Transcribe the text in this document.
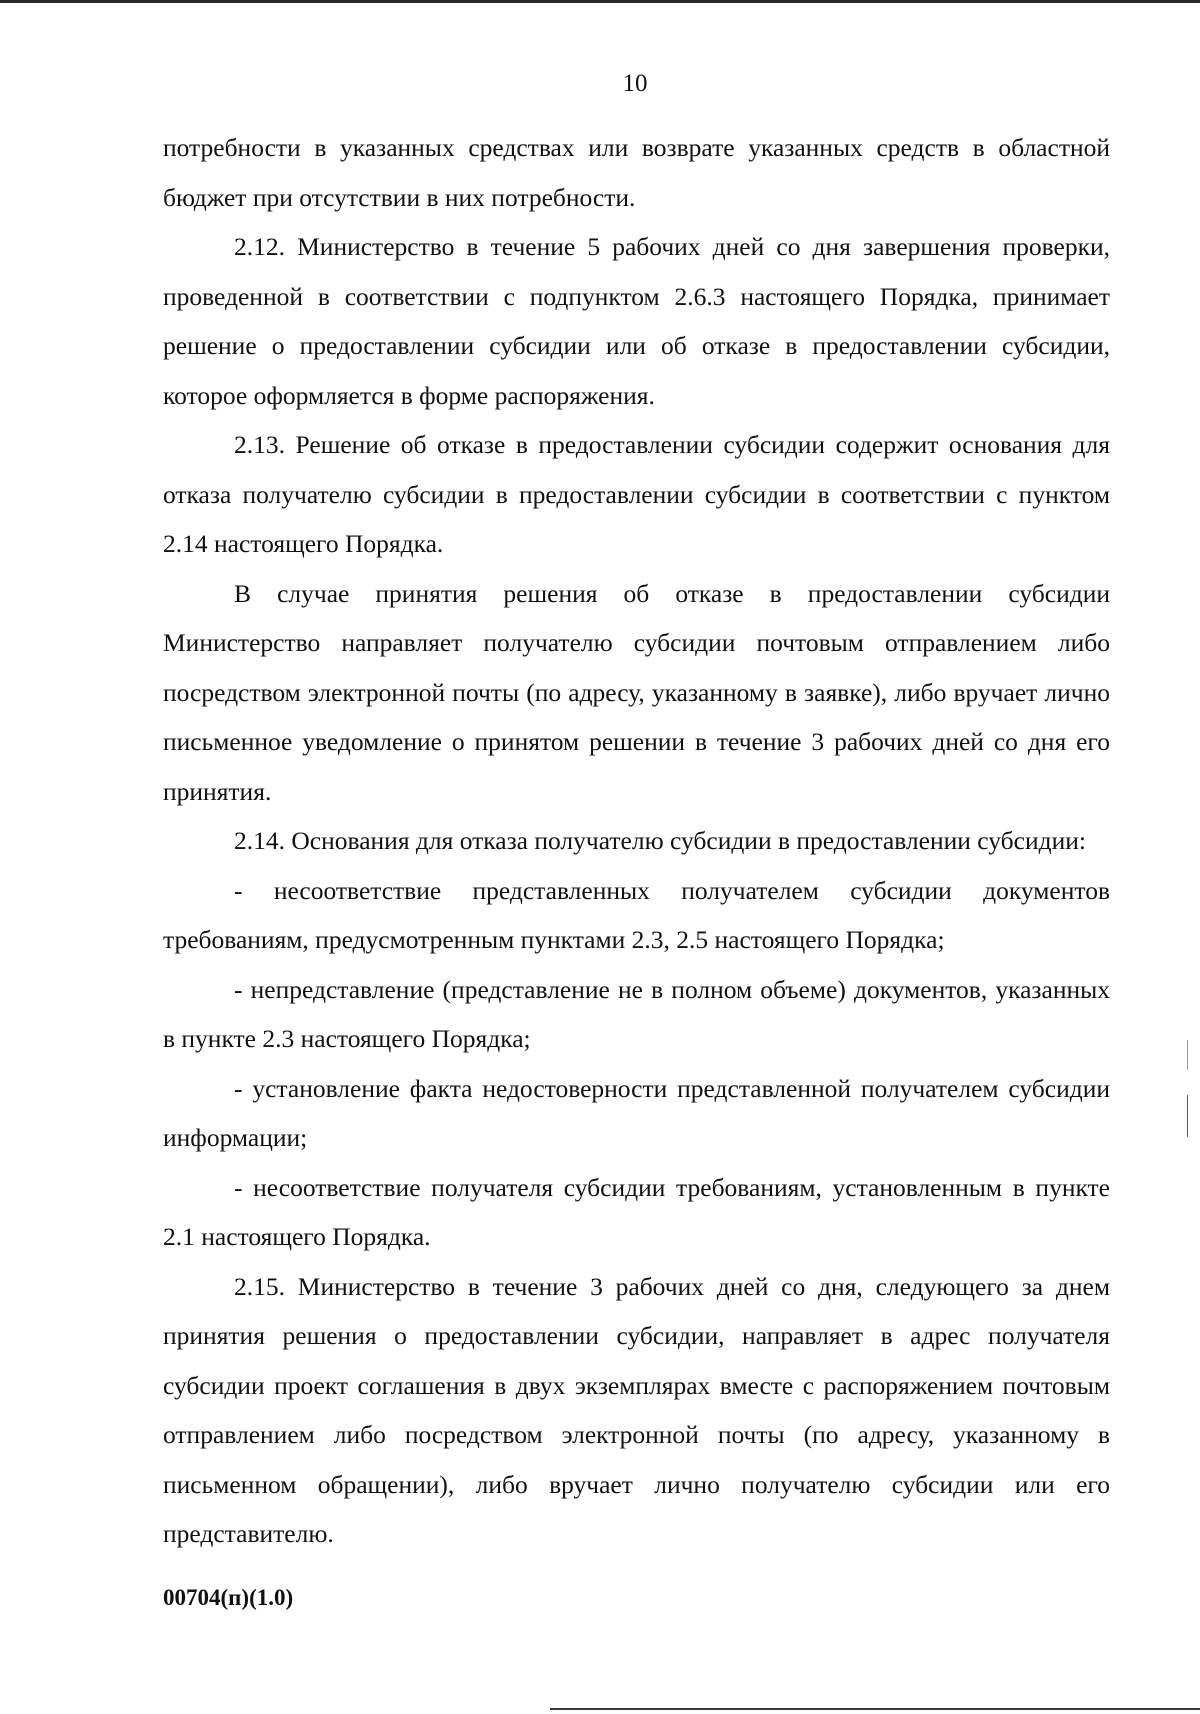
10

потребности в указанных средствах или возврате указанных средств в областной бюджет при отсутствии в них потребности.

2.12. Министерство в течение 5 рабочих дней со дня завершения проверки, проведенной в соответствии с подпунктом 2.6.3 настоящего Порядка, принимает решение о предоставлении субсидии или об отказе в предоставлении субсидии, которое оформляется в форме распоряжения.

2.13. Решение об отказе в предоставлении субсидии содержит основания для отказа получателю субсидии в предоставлении субсидии в соответствии с пунктом 2.14 настоящего Порядка.

В случае принятия решения об отказе в предоставлении субсидии Министерство направляет получателю субсидии почтовым отправлением либо посредством электронной почты (по адресу, указанному в заявке), либо вручает лично письменное уведомление о принятом решении в течение 3 рабочих дней со дня его принятия.

2.14. Основания для отказа получателю субсидии в предоставлении субсидии:

- несоответствие представленных получателем субсидии документов требованиям, предусмотренным пунктами 2.3, 2.5 настоящего Порядка;

- непредставление (представление не в полном объеме) документов, указанных в пункте 2.3 настоящего Порядка;

- установление факта недостоверности представленной получателем субсидии информации;

- несоответствие получателя субсидии требованиям, установленным в пункте 2.1 настоящего Порядка.

2.15. Министерство в течение 3 рабочих дней со дня, следующего за днем принятия решения о предоставлении субсидии, направляет в адрес получателя субсидии проект соглашения в двух экземплярах вместе с распоряжением почтовым отправлением либо посредством электронной почты (по адресу, указанному в письменном обращении), либо вручает лично получателю субсидии или его представителю.

00704(п)(1.0)
